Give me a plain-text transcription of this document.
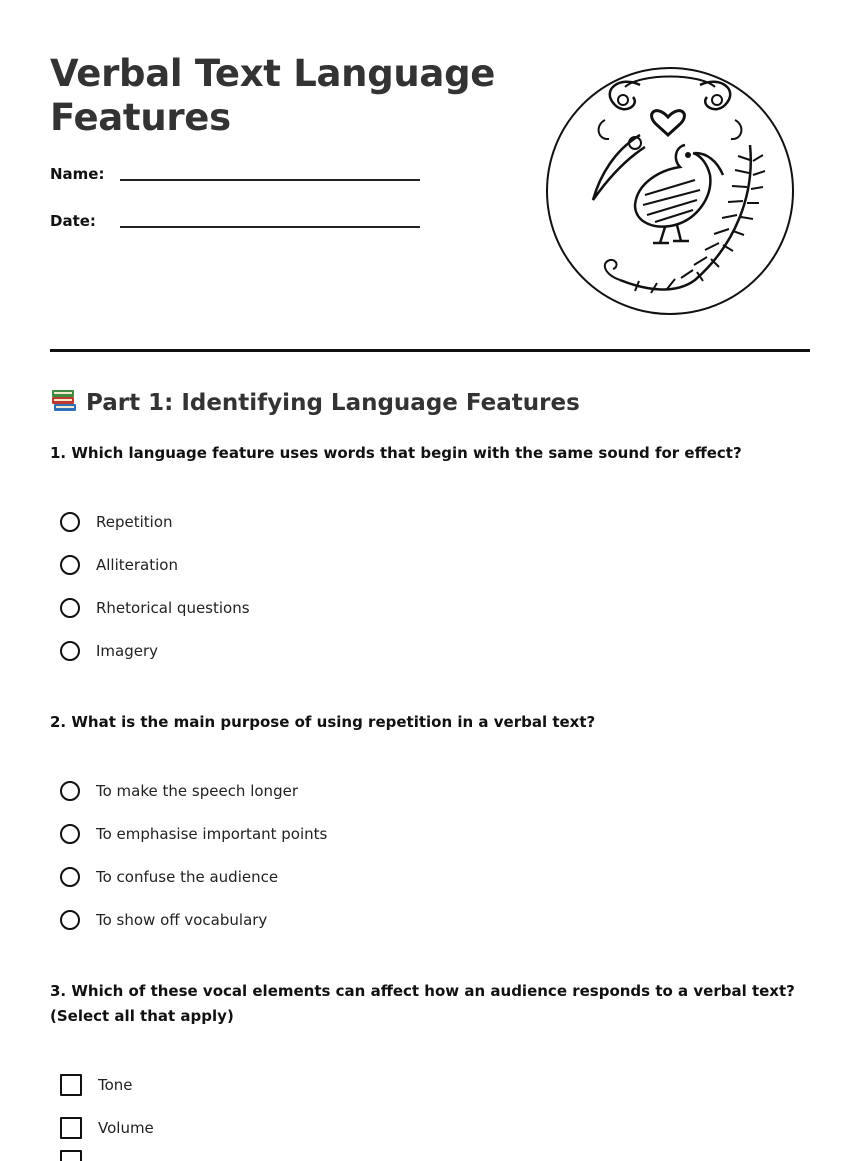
Verbal Text Language Features
Name:
Date:
Part 1: Identifying Language Features

1. Which language feature uses words that begin with the same sound for effect?

Repetition
Alliteration
Rhetorical questions
Imagery

2. What is the main purpose of using repetition in a verbal text?

To make the speech longer
To emphasise important points
To confuse the audience
To show off vocabulary

3. Which of these vocal elements can affect how an audience responds to a verbal text? (Select all that apply)

Tone
Volume
